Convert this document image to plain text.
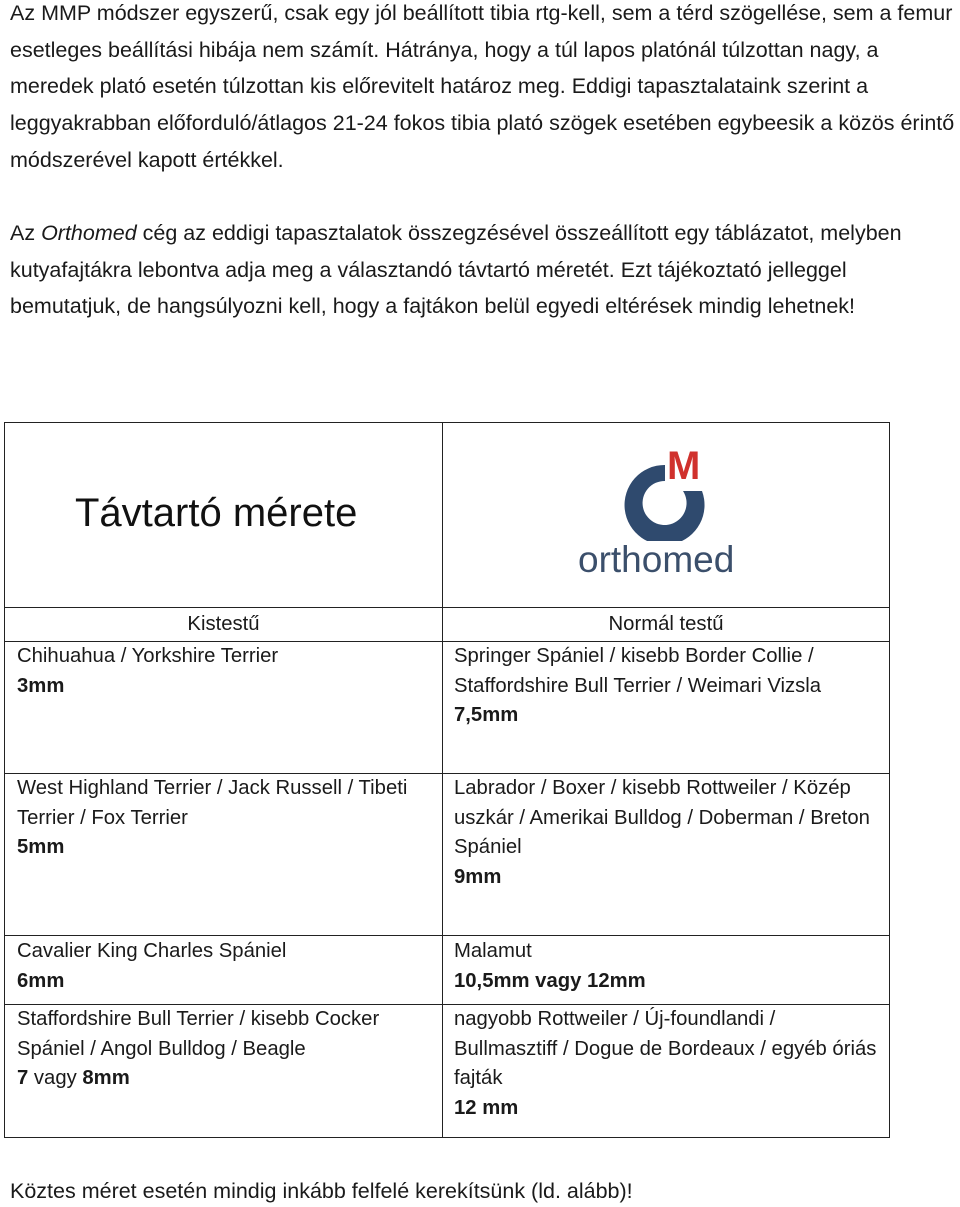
Az MMP módszer egyszerű, csak egy jól beállított tibia rtg-kell, sem a térd szögellése, sem a femur esetleges beállítási hibája nem számít. Hátránya, hogy a túl lapos platónál túlzottan nagy, a meredek plató esetén túlzottan kis előrevitelt határoz meg. Eddigi tapasztalataink szerint a leggyakrabban előforduló/átlagos 21-24 fokos tibia plató szögek esetében egybeesik a közös érintő módszerével kapott értékkel.

Az Orthomed cég az eddigi tapasztalatok összegzésével összeállított egy táblázatot, melyben kutyafajtákra lebontva adja meg a választandó távtartó méretét. Ezt tájékoztató jelleggel bemutatjuk, de hangsúlyozni kell, hogy a fajtákon belül egyedi eltérések mindig lehetnek!

Távtartó mérete
M
orthomed
Kistestű	Normál testű
Chihuahua / Yorkshire Terrier
3mm
Springer Spániel / kisebb Border Collie / Staffordshire Bull Terrier / Weimari Vizsla
7,5mm
West Highland Terrier / Jack Russell / Tibeti Terrier / Fox Terrier
5mm
Labrador / Boxer / kisebb Rottweiler / Közép uszkár / Amerikai Bulldog / Doberman / Breton Spániel
9mm
Cavalier King Charles Spániel
6mm
Malamut
10,5mm vagy 12mm
Staffordshire Bull Terrier / kisebb Cocker Spániel / Angol Bulldog / Beagle
7 vagy 8mm
nagyobb Rottweiler / Új-foundlandi / Bullmasztiff / Dogue de Bordeaux / egyéb óriás fajták
12 mm

Köztes méret esetén mindig inkább felfelé kerekítsünk (ld. alább)!
